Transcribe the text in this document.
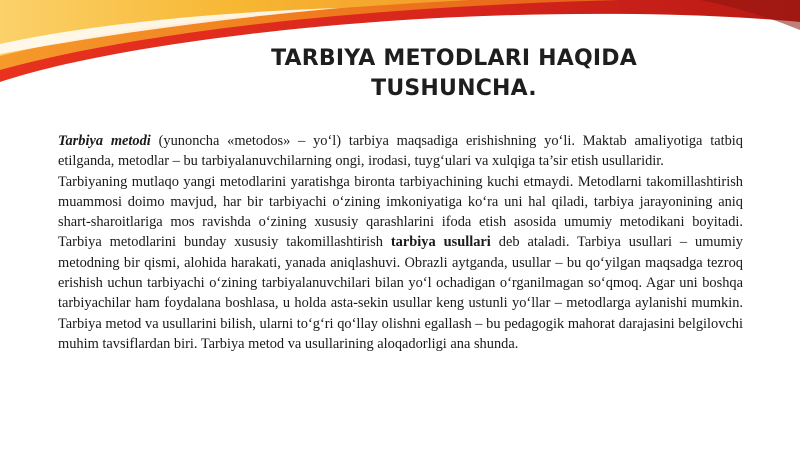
TARBIYA METODLARI HAQIDA
TUSHUNCHA.

Tarbiya metodi (yunoncha «metodos» – yo‘l) tarbiya maqsadiga erishishning yo‘li. Maktab amaliyotiga tatbiq etilganda, metodlar – bu tarbiyalanuvchilarning ongi, irodasi, tuyg‘ulari va xulqiga ta’sir etish usullaridir.

Tarbiyaning mutlaqo yangi metodlarini yaratishga bironta tarbiyachining kuchi etmaydi. Metodlarni takomillashtirish muammosi doimo mavjud, har bir tarbiyachi o‘zining imkoniyatiga ko‘ra uni hal qiladi, tarbiya jarayonining aniq shart-sharoitlariga mos ravishda o‘zining xususiy qarashlarini ifoda etish asosida umumiy metodikani boyitadi. Tarbiya metodlarini bunday xususiy takomillashtirish tarbiya usullari deb ataladi. Tarbiya usullari – umumiy metodning bir qismi, alohida harakati, yanada aniqlashuvi. Obrazli aytganda, usullar – bu qo‘yilgan maqsadga tezroq erishish uchun tarbiyachi o‘zining tarbiyalanuvchilari bilan yo‘l ochadigan o‘rganilmagan so‘qmoq. Agar uni boshqa tarbiyachilar ham foydalana boshlasa, u holda asta-sekin usullar keng ustunli yo‘llar – metodlarga aylanishi mumkin. Tarbiya metod va usullarini bilish, ularni to‘g‘ri qo‘llay olishni egallash – bu pedagogik mahorat darajasini belgilovchi muhim tavsiflardan biri. Tarbiya metod va usullarining aloqadorligi ana shunda.
